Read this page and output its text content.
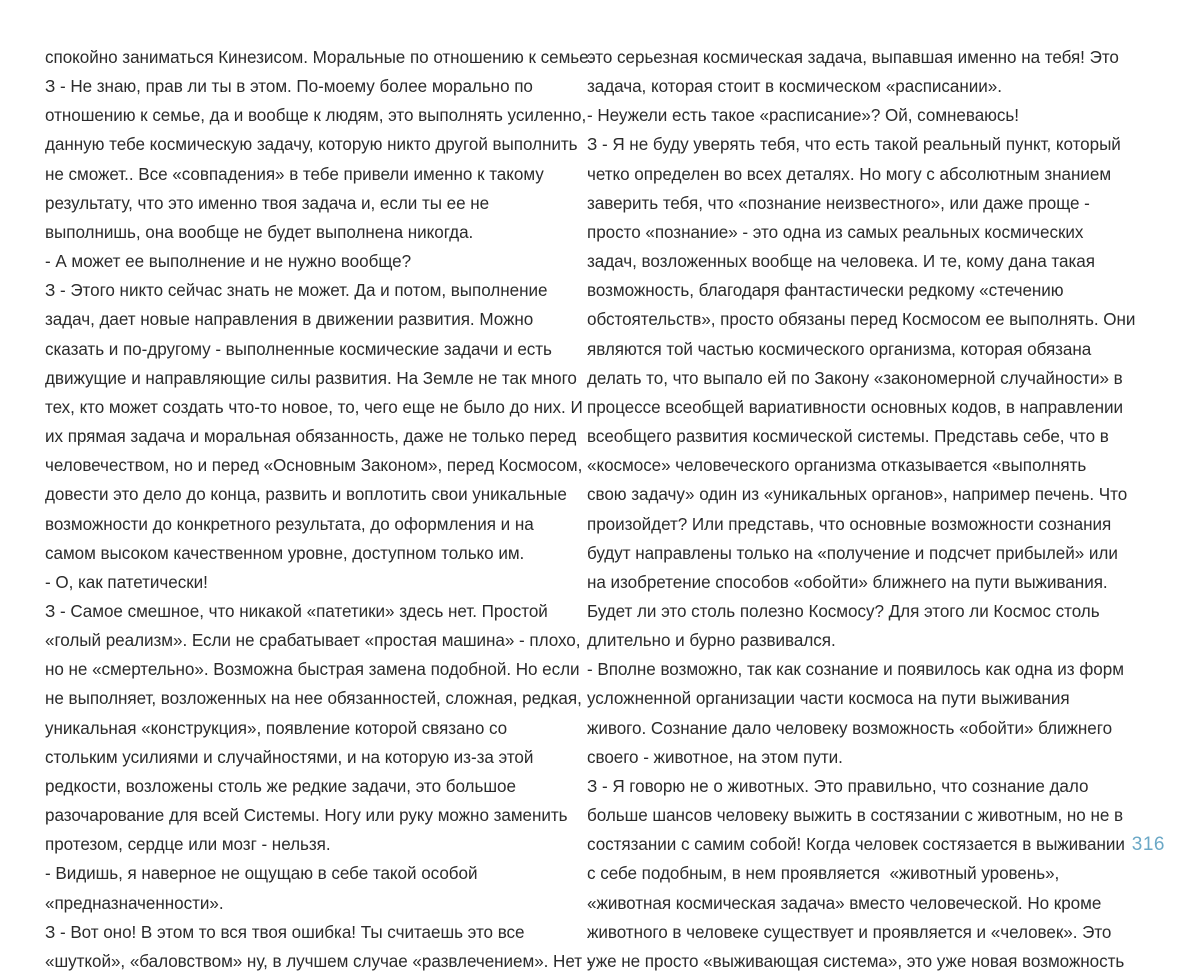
спокойно заниматься Кинезисом. Моральные по отношению к семье.
З - Не знаю, прав ли ты в этом. По-моему более морально по
отношению к семье, да и вообще к людям, это выполнять усиленно,
данную тебе космическую задачу, которую никто другой выполнить
не сможет.. Все «совпадения» в тебе привели именно к такому
результату, что это именно твоя задача и, если ты ее не
выполнишь, она вообще не будет выполнена никогда.
- А может ее выполнение и не нужно вообще?
З - Этого никто сейчас знать не может. Да и потом, выполнение
задач, дает новые направления в движении развития. Можно
сказать и по-другому - выполненные космические задачи и есть
движущие и направляющие силы развития. На Земле не так много
тех, кто может создать что-то новое, то, чего еще не было до них. И
их прямая задача и моральная обязанность, даже не только перед
человечеством, но и перед «Основным Законом», перед Космосом,
довести это дело до конца, развить и воплотить свои уникальные
возможности до конкретного результата, до оформления и на
самом высоком качественном уровне, доступном только им.
- О, как патетически!
З - Самое смешное, что никакой «патетики» здесь нет. Простой
«голый реализм». Если не срабатывает «простая машина» - плохо,
но не «смертельно». Возможна быстрая замена подобной. Но если
не выполняет, возложенных на нее обязанностей, сложная, редкая,
уникальная «конструкция», появление которой связано со
стольким усилиями и случайностями, и на которую из-за этой
редкости, возложены столь же редкие задачи, это большое
разочарование для всей Системы. Ногу или руку можно заменить
протезом, сердце или мозг - нельзя.
- Видишь, я наверное не ощущаю в себе такой особой
«предназначенности».
З - Вот оно! В этом то вся твоя ошибка! Ты считаешь это все
«шуткой», «баловством» ну, в лучшем случае «развлечением». Нет -
это серьезная космическая задача, выпавшая именно на тебя! Это
задача, которая стоит в космическом «расписании».
- Неужели есть такое «расписание»? Ой, сомневаюсь!
З - Я не буду уверять тебя, что есть такой реальный пункт, который
четко определен во всех деталях. Но могу с абсолютным знанием
заверить тебя, что «познание неизвестного», или даже проще -
просто «познание» - это одна из самых реальных космических
задач, возложенных вообще на человека. И те, кому дана такая
возможность, благодаря фантастически редкому «стечению
обстоятельств», просто обязаны перед Космосом ее выполнять. Они
являются той частью космического организма, которая обязана
делать то, что выпало ей по Закону «закономерной случайности» в
процессе всеобщей вариативности основных кодов, в направлении
всеобщего развития космической системы. Представь себе, что в
«космосе» человеческого организма отказывается «выполнять
свою задачу» один из «уникальных органов», например печень. Что
произойдет? Или представь, что основные возможности сознания
будут направлены только на «получение и подсчет прибылей» или
на изобретение способов «обойти» ближнего на пути выживания.
Будет ли это столь полезно Космосу? Для этого ли Космос столь
длительно и бурно развивался.
- Вполне возможно, так как сознание и появилось как одна из форм
усложненной организации части космоса на пути выживания
живого. Сознание дало человеку возможность «обойти» ближнего
своего - животное, на этом пути.
З - Я говорю не о животных. Это правильно, что сознание дало
больше шансов человеку выжить в состязании с животным, но не в
состязании с самим собой! Когда человек состязается в выживании
с себе подобным, в нем проявляется  «животный уровень»,
«животная космическая задача» вместо человеческой. Но кроме
животного в человеке существует и проявляется и «человек». Это
уже не просто «выживающая система», это уже новая возможность
316
